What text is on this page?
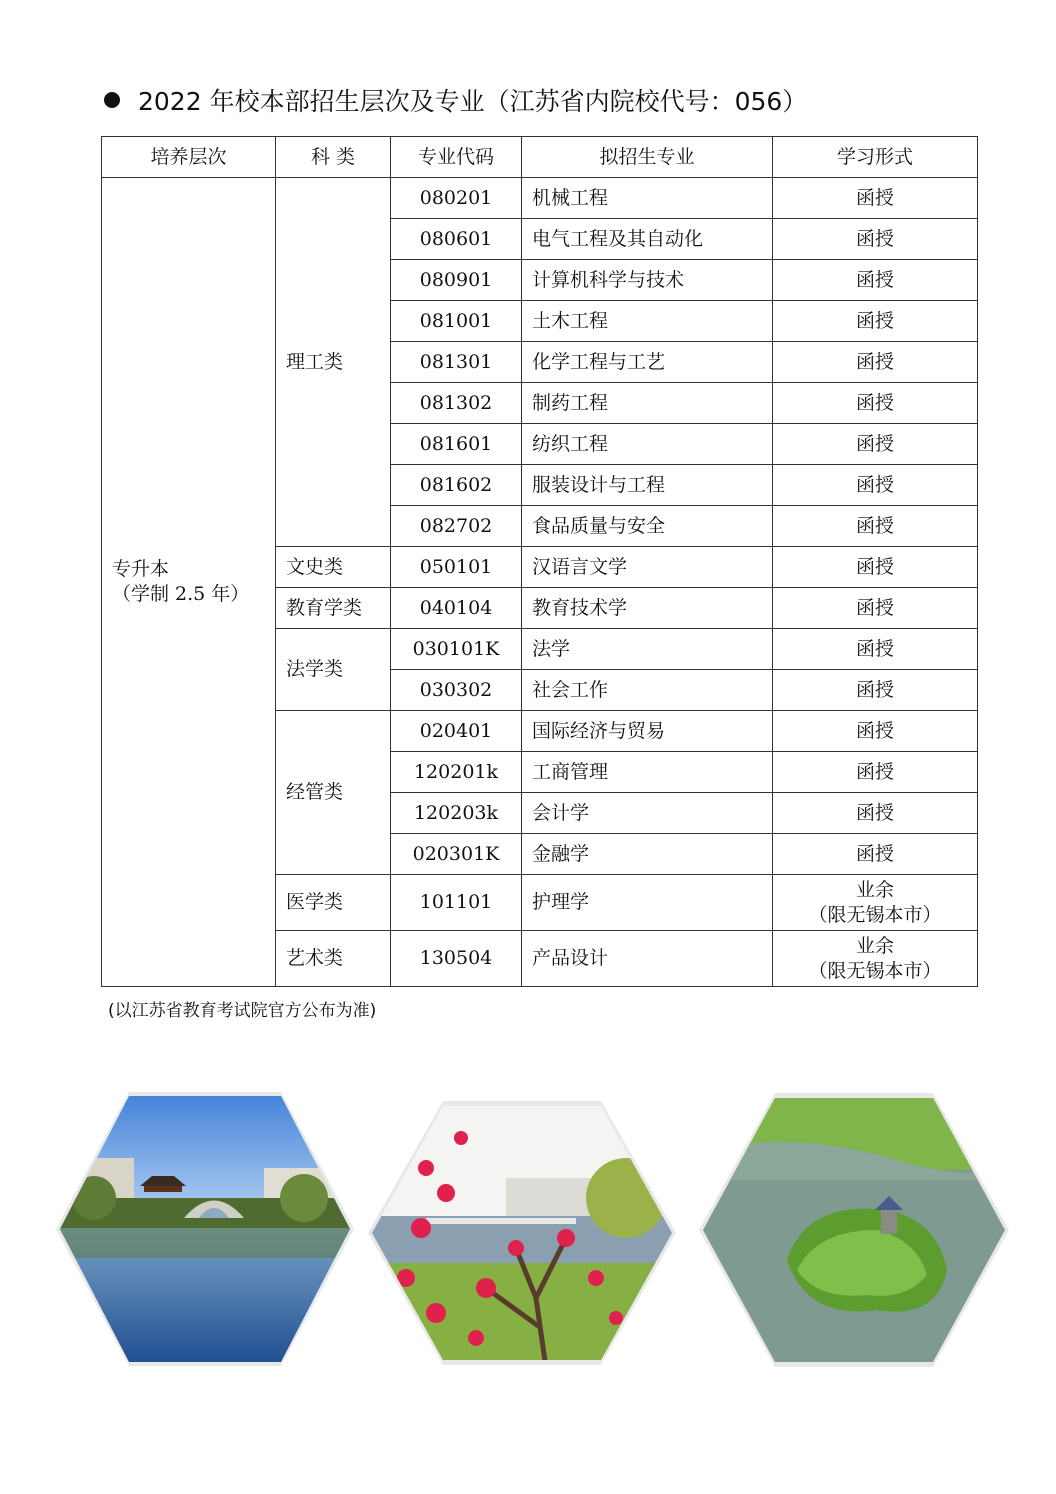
2022 年校本部招生层次及专业（江苏省内院校代号：056）
培养层次	科 类	专业代码	拟招生专业	学习形式

专升本
（学制 2.5 年）	理工类	080201	机械工程	函授
		080601	电气工程及其自动化	函授
		080901	计算机科学与技术	函授
		081001	土木工程	函授
		081301	化学工程与工艺	函授
		081302	制药工程	函授
		081601	纺织工程	函授
		081602	服装设计与工程	函授
		082702	食品质量与安全	函授
	文史类	050101	汉语言文学	函授
	教育学类	040104	教育技术学	函授
	法学类	030101K	法学	函授
		030302	社会工作	函授
	经管类	020401	国际经济与贸易	函授
		120201k	工商管理	函授
		120203k	会计学	函授
		020301K	金融学	函授
	医学类	101101	护理学	业余
（限无锡本市）

	艺术类	130504	产品设计	业余
（限无锡本市）
(以江苏省教育考试院官方公布为准)
